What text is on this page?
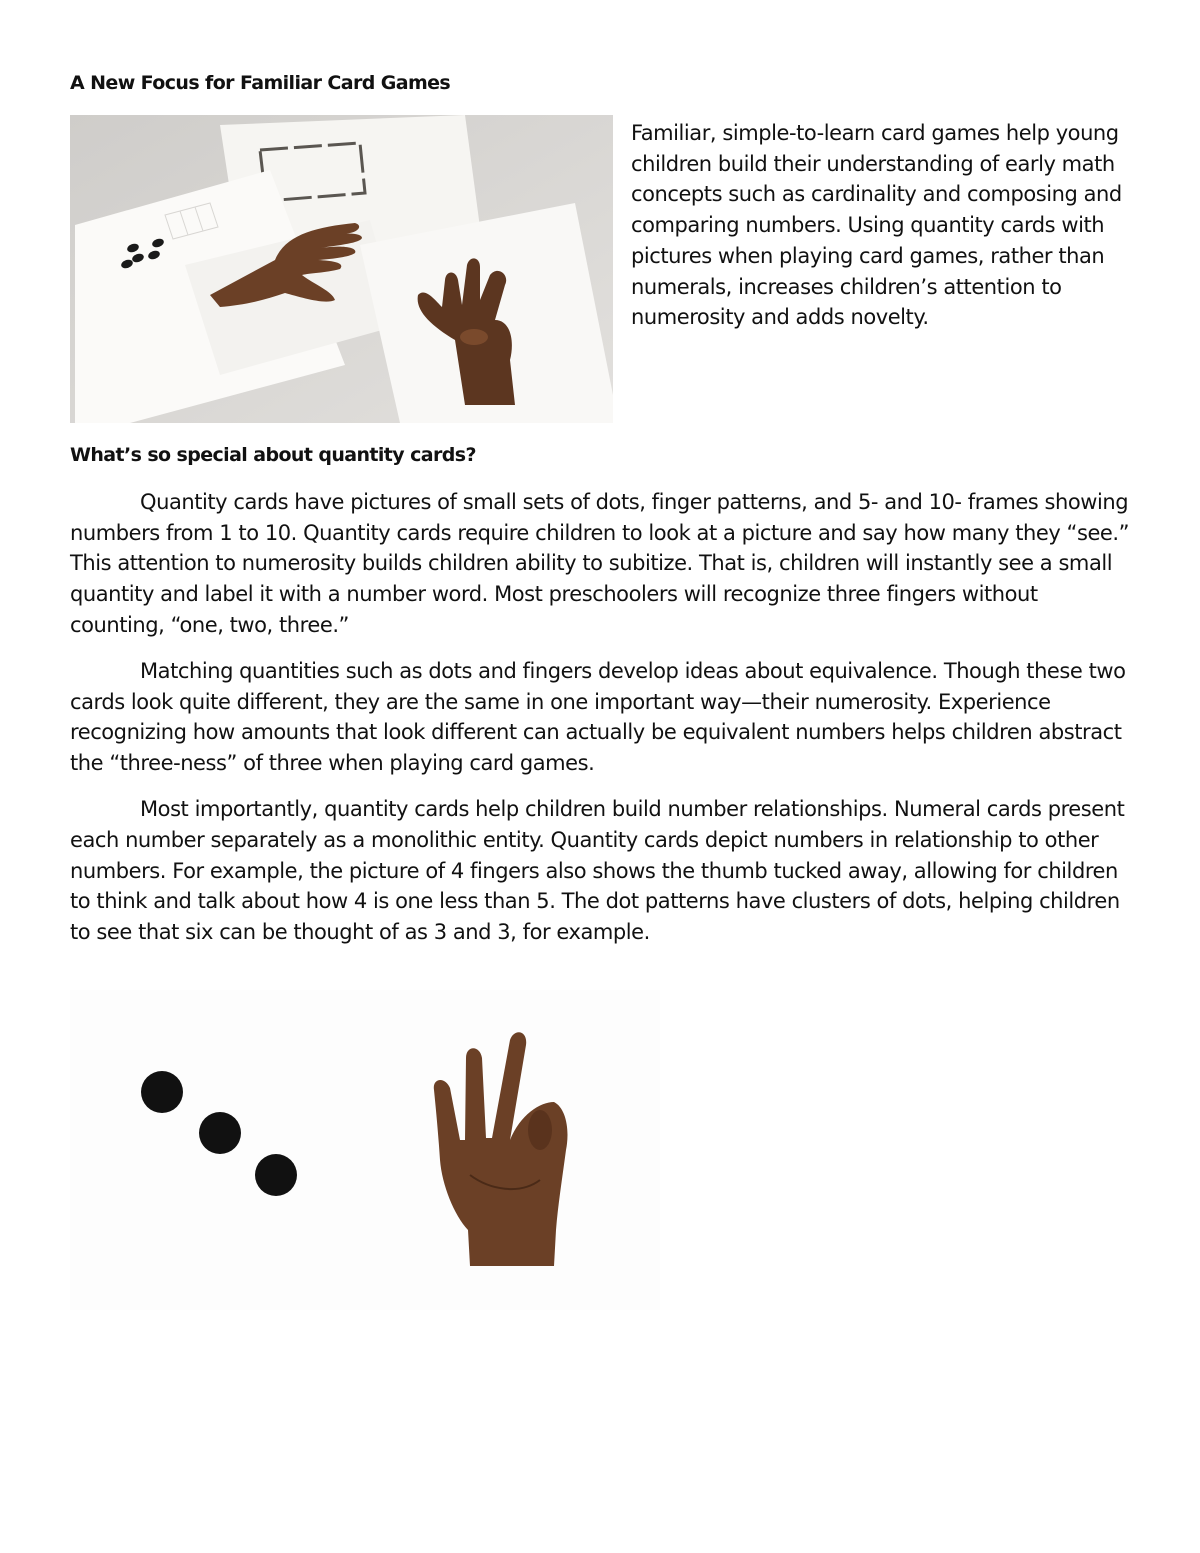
A New Focus for Familiar Card Games

Familiar, simple-to-learn card games help young children build their understanding of early math concepts such as cardinality and composing and comparing numbers. Using quantity cards with pictures when playing card games, rather than numerals, increases children’s attention to numerosity and adds novelty.

What’s so special about quantity cards?

Quantity cards have pictures of small sets of dots, finger patterns, and 5- and 10- frames showing numbers from 1 to 10. Quantity cards require children to look at a picture and say how many they “see.” This attention to numerosity builds children ability to subitize. That is, children will instantly see a small quantity and label it with a number word. Most preschoolers will recognize three fingers without counting, “one, two, three.”

Matching quantities such as dots and fingers develop ideas about equivalence. Though these two cards look quite different, they are the same in one important way—their numerosity. Experience recognizing how amounts that look different can actually be equivalent numbers helps children abstract the “three-ness” of three when playing card games.

Most importantly, quantity cards help children build number relationships. Numeral cards present each number separately as a monolithic entity. Quantity cards depict numbers in relationship to other numbers. For example, the picture of 4 fingers also shows the thumb tucked away, allowing for children to think and talk about how 4 is one less than 5. The dot patterns have clusters of dots, helping children to see that six can be thought of as 3 and 3, for example.
